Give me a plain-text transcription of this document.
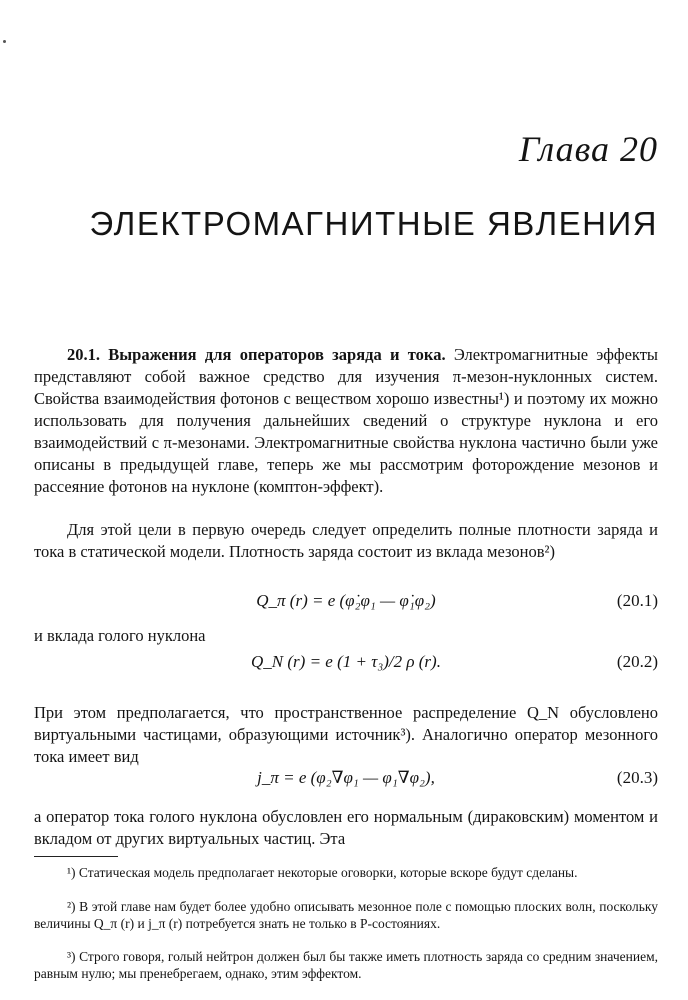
Глава 20
ЭЛЕКТРОМАГНИТНЫЕ ЯВЛЕНИЯ
20.1. Выражения для операторов заряда и тока. Электромагнитные эффекты представляют собой важное средство для изучения π-мезон-нуклонных систем. Свойства взаимодействия фотонов с веществом хорошо известны¹) и поэтому их можно использовать для получения дальнейших сведений о структуре нуклона и его взаимодействий с π-мезонами. Электромагнитные свойства нуклона частично были уже описаны в предыдущей главе, теперь же мы рассмотрим фоторождение мезонов и рассеяние фотонов на нуклоне (комптон-эффект).
Для этой цели в первую очередь следует определить полные плотности заряда и тока в статической модели. Плотность заряда состоит из вклада мезонов²)
Q_π (r) = e (φ̇₂φ₁ — φ̇₁φ₂)	(20.1)
и вклада голого нуклона
Q_N (r) = e (1 + τ₃)/2 ρ (r).	(20.2)
При этом предполагается, что пространственное распределение Q_N обусловлено виртуальными частицами, образующими источник³). Аналогично оператор мезонного тока имеет вид
j_π = e (φ₂∇φ₁ — φ₁∇φ₂),	(20.3)
а оператор тока голого нуклона обусловлен его нормальным (дираковским) моментом и вкладом от других виртуальных частиц. Эта
¹) Статическая модель предполагает некоторые оговорки, которые вскоре будут сделаны.
²) В этой главе нам будет более удобно описывать мезонное поле с помощью плоских волн, поскольку величины Q_π (r) и j_π (r) потребуется знать не только в P-состояниях.
³) Строго говоря, голый нейтрон должен был бы также иметь плотность заряда со средним значением, равным нулю; мы пренебрегаем, однако, этим эффектом.
